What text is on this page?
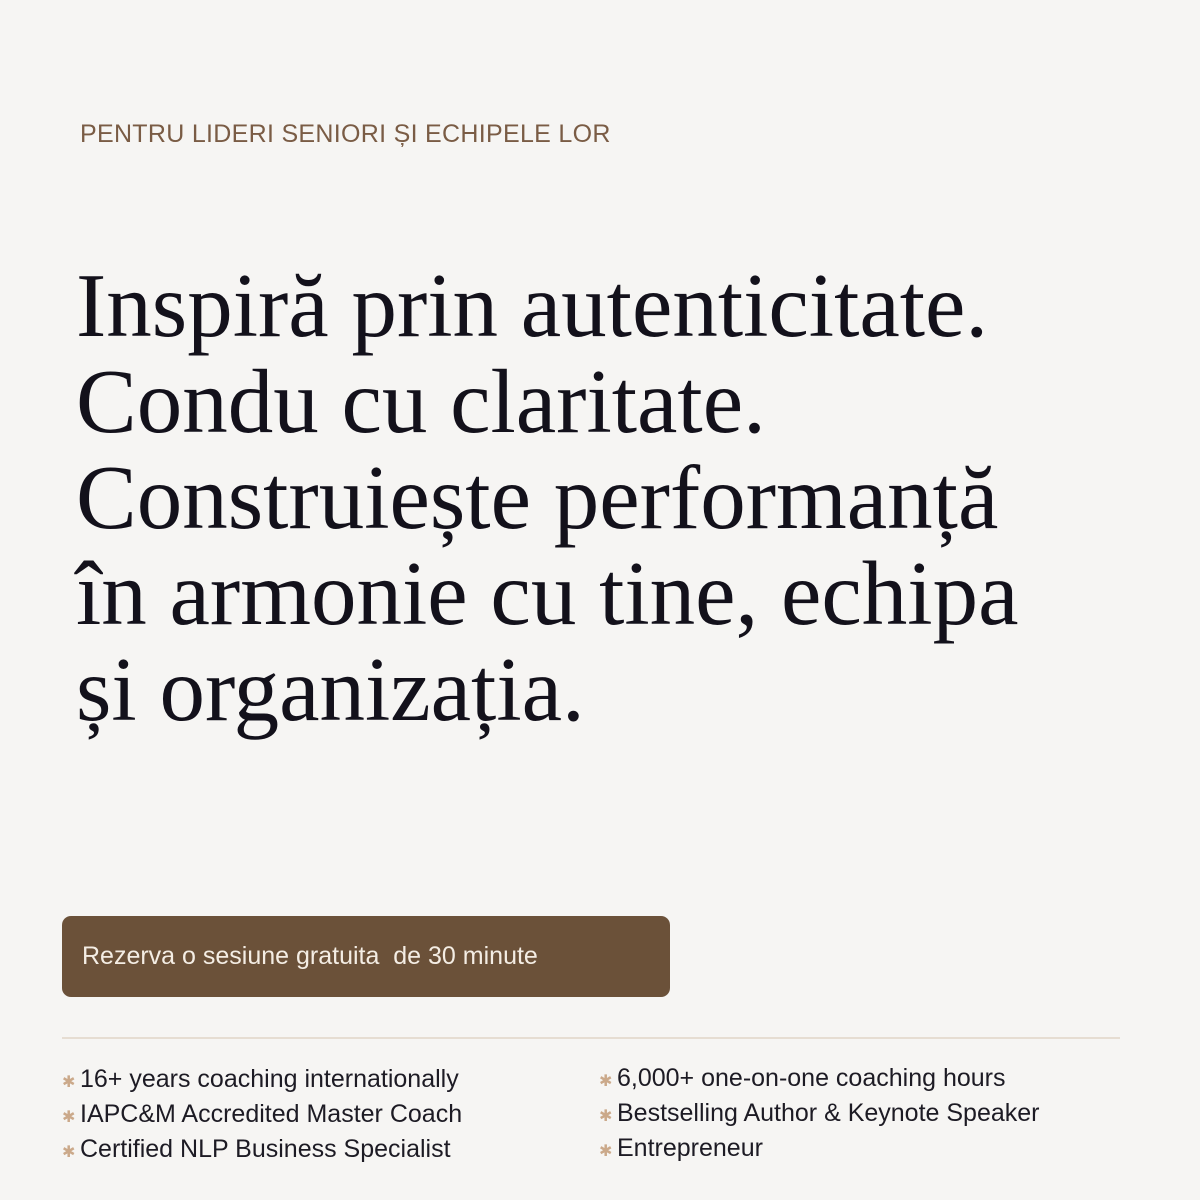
PENTRU LIDERI SENIORI ȘI ECHIPELE LOR
Inspiră prin autenticitate.
Condu cu claritate.
Construiește performanță
în armonie cu tine, echipa
și organizația.
Rezerva o sesiune gratuita  de 30 minute
✱ 16+ years coaching internationally
✱ IAPC&M Accredited Master Coach
✱ Certified NLP Business Specialist
✱ 6,000+ one-on-one coaching hours
✱ Bestselling Author & Keynote Speaker
✱ Entrepreneur
